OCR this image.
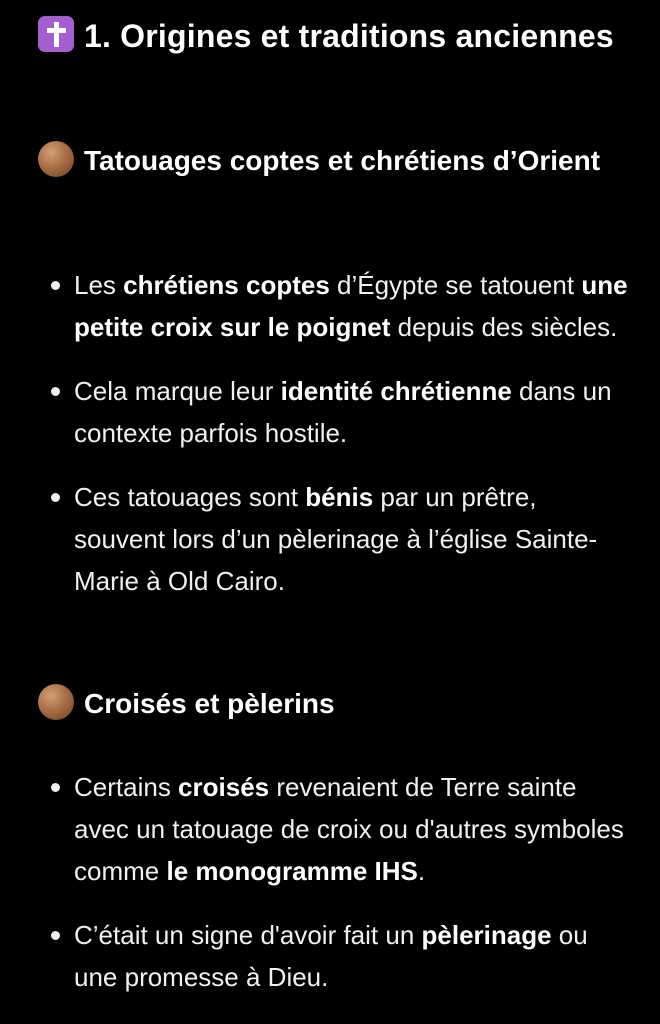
1. Origines et traditions anciennes
Tatouages coptes et chrétiens d’Orient
Les chrétiens coptes d’Égypte se tatouent une petite croix sur le poignet depuis des siècles.
Cela marque leur identité chrétienne dans un contexte parfois hostile.
Ces tatouages sont bénis par un prêtre, souvent lors d’un pèlerinage à l’église Sainte-Marie à Old Cairo.
Croisés et pèlerins
Certains croisés revenaient de Terre sainte avec un tatouage de croix ou d'autres symboles comme le monogramme IHS.
C’était un signe d'avoir fait un pèlerinage ou une promesse à Dieu.
